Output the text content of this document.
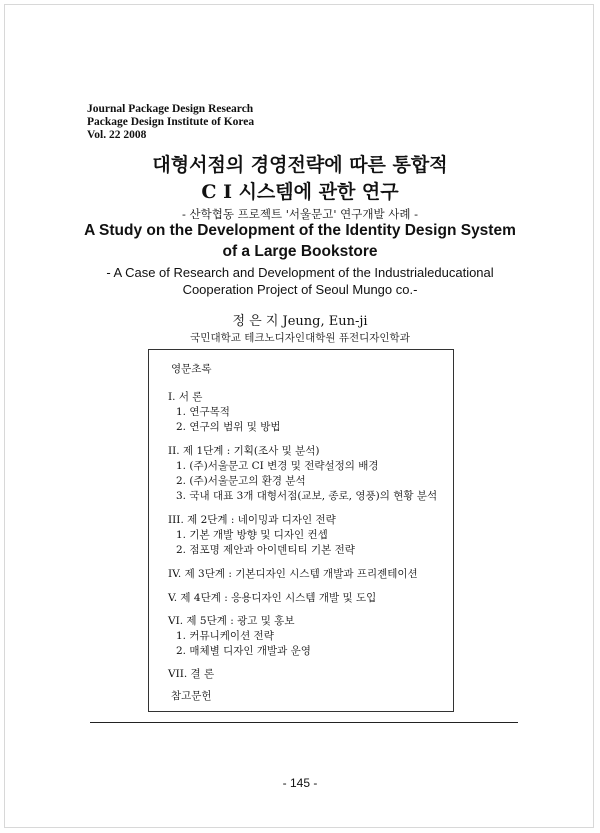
Journal Package Design Research
Package Design Institute of Korea
Vol. 22 2008
대형서점의 경영전략에 따른 통합적
C I 시스템에 관한 연구
- 산학협동 프로젝트 '서울문고' 연구개발 사례 -
A Study on the Development of the Identity Design System
of a Large Bookstore
- A Case of Research and Development of the Industrialeducational
Cooperation Project of Seoul Mungo co.-
정 은 지 Jeung, Eun-ji
국민대학교 테크노디자인대학원 퓨전디자인학과
영문초록
I. 서 론
1. 연구목적
2. 연구의 범위 및 방법
II. 제 1단계 : 기획(조사 및 분석)
1. (주)서울문고 CI 변경 및 전략설정의 배경
2. (주)서울문고의 환경 분석
3. 국내 대표 3개 대형서점(교보, 종로, 영풍)의 현황 분석
III. 제 2단계 : 네이밍과 디자인 전략
1. 기본 개발 방향 및 디자인 컨셉
2. 점포명 제안과 아이덴티티 기본 전략
IV. 제 3단계 : 기본디자인 시스템 개발과 프리젠테이션
V. 제 4단계 : 응용디자인 시스템 개발 및 도입
VI. 제 5단계 : 광고 및 홍보
1. 커뮤니케이션 전략
2. 매체별 디자인 개발과 운영
VII. 결 론
참고문헌
- 145 -
